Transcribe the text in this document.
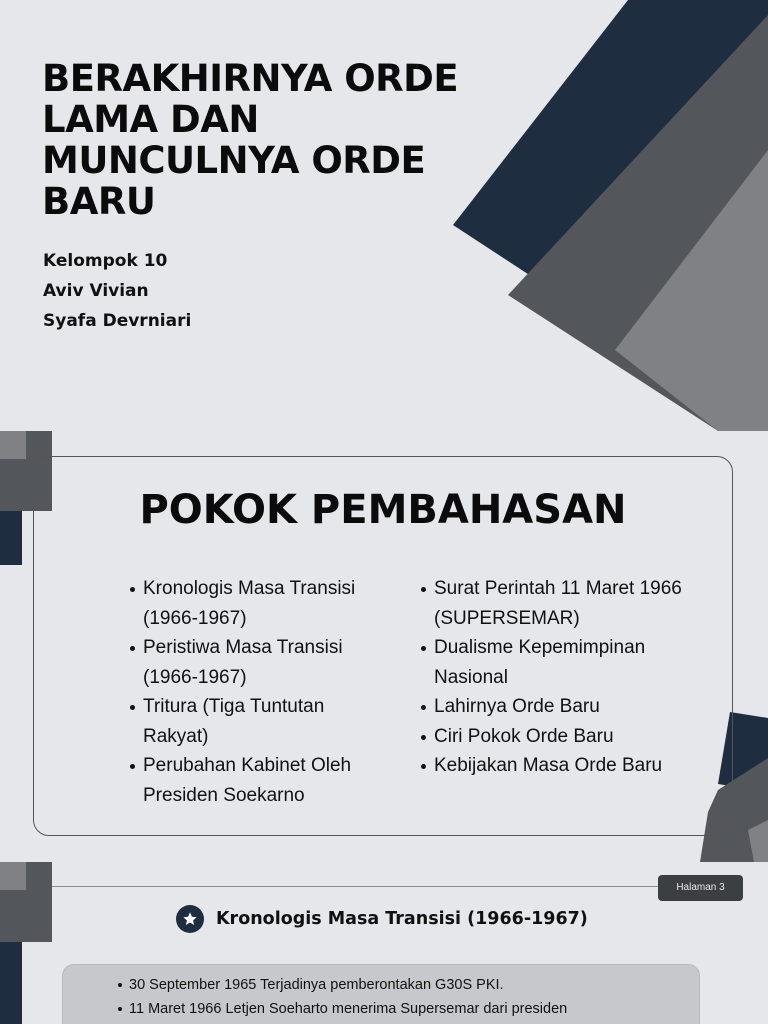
BERAKHIRNYA ORDE LAMA DAN MUNCULNYA ORDE BARU
Kelompok 10
Aviv Vivian
Syafa Devrniari
POKOK PEMBAHASAN
Kronologis Masa Transisi (1966-1967)
Peristiwa Masa Transisi (1966-1967)
Tritura (Tiga Tuntutan Rakyat)
Perubahan Kabinet Oleh Presiden Soekarno
Surat Perintah 11 Maret 1966 (SUPERSEMAR)
Dualisme Kepemimpinan Nasional
Lahirnya Orde Baru
Ciri Pokok Orde Baru
Kebijakan Masa Orde Baru
Halaman 3
Kronologis Masa Transisi (1966-1967)
30 September 1965 Terjadinya pemberontakan G30S PKI.
11 Maret 1966 Letjen Soeharto menerima Supersemar dari presiden
